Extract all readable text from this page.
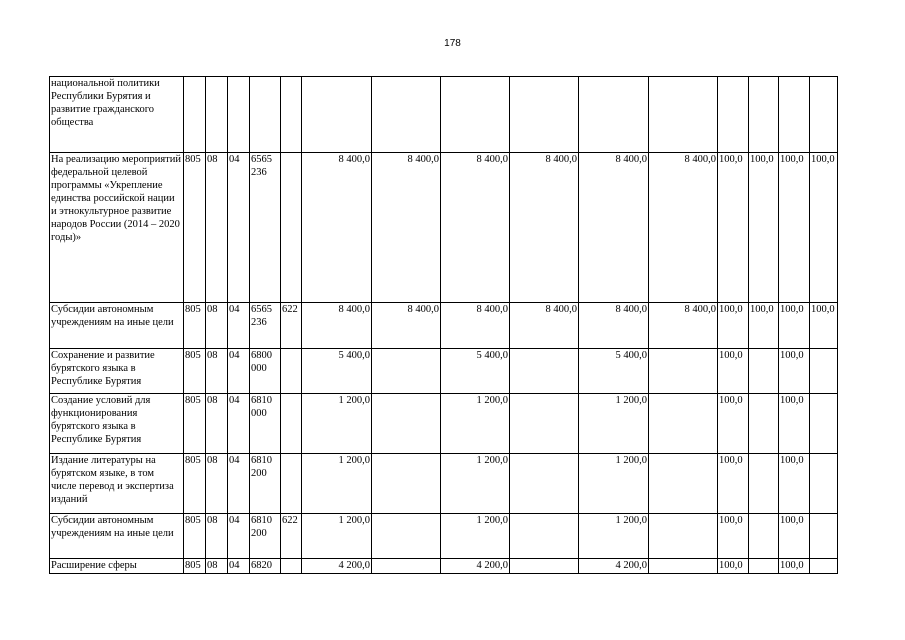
178
национальной политики Республики Бурятия и развитие гражданского общества															
На реализацию мероприятий федеральной целевой программы «Укрепление единства российской нации и этнокультурное развитие народов России (2014 – 2020 годы)»	805	08	04	6565 236		8 400,0	8 400,0	8 400,0	8 400,0	8 400,0	8 400,0	100,0	100,0	100,0	100,0
Субсидии автономным учреждениям на иные цели	805	08	04	6565 236	622	8 400,0	8 400,0	8 400,0	8 400,0	8 400,0	8 400,0	100,0	100,0	100,0	100,0
Сохранение и развитие бурятского языка в Республике Бурятия	805	08	04	6800 000		5 400,0		5 400,0		5 400,0		100,0		100,0	
Создание условий для функционирования бурятского языка в Республике Бурятия	805	08	04	6810 000		1 200,0		1 200,0		1 200,0		100,0		100,0	
Издание литературы на бурятском языке, в том числе перевод и экспертиза изданий	805	08	04	6810 200		1 200,0		1 200,0		1 200,0		100,0		100,0	
Субсидии автономным учреждениям на иные цели	805	08	04	6810 200	622	1 200,0		1 200,0		1 200,0		100,0		100,0	
Расширение сферы	805	08	04	6820		4 200,0		4 200,0		4 200,0		100,0		100,0	
